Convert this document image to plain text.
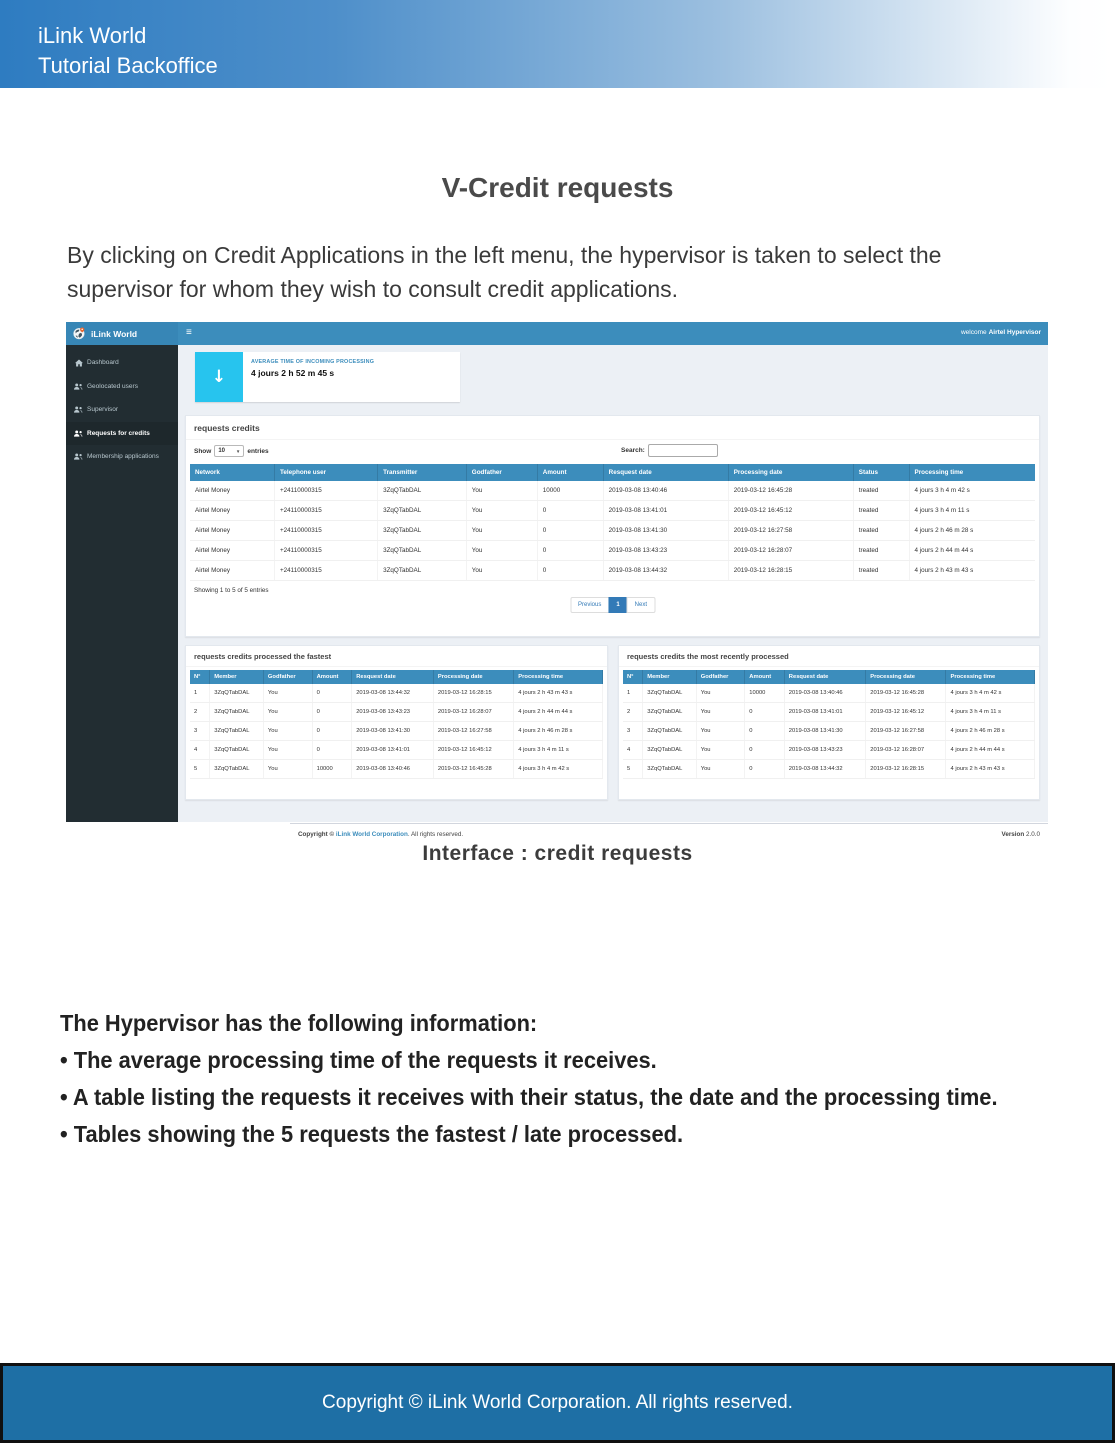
iLink World
Tutorial Backoffice
V-Credit requests
By clicking on Credit Applications in the left menu, the hypervisor is taken to select the supervisor for whom they wish to consult credit applications.
iLink World	≡	welcome Airtel Hypervisor
Dashboard
Geolocated users
Supervisor
Requests for credits
Membership applications
↓
AVERAGE TIME OF INCOMING PROCESSING
4 jours 2 h 52 m 45 s
requests credits
Show 10 ▼ entries	Search:
Network	Telephone user	Transmitter	Godfather	Amount	Resquest date	Processing date	Status	Processing time
Airtel Money	+24110000315	3ZqQTabDAL	You	10000	2019-03-08 13:40:46	2019-03-12 16:45:28	treated	4 jours 3 h 4 m 42 s
Airtel Money	+24110000315	3ZqQTabDAL	You	0	2019-03-08 13:41:01	2019-03-12 16:45:12	treated	4 jours 3 h 4 m 11 s
Airtel Money	+24110000315	3ZqQTabDAL	You	0	2019-03-08 13:41:30	2019-03-12 16:27:58	treated	4 jours 2 h 46 m 28 s
Airtel Money	+24110000315	3ZqQTabDAL	You	0	2019-03-08 13:43:23	2019-03-12 16:28:07	treated	4 jours 2 h 44 m 44 s
Airtel Money	+24110000315	3ZqQTabDAL	You	0	2019-03-08 13:44:32	2019-03-12 16:28:15	treated	4 jours 2 h 43 m 43 s
Showing 1 to 5 of 5 entries
Previous	1	Next
requests credits processed the fastest
N°	Member	Godfather	Amount	Resquest date	Processing date	Processing time
1	3ZqQTabDAL	You	0	2019-03-08 13:44:32	2019-03-12 16:28:15	4 jours 2 h 43 m 43 s
2	3ZqQTabDAL	You	0	2019-03-08 13:43:23	2019-03-12 16:28:07	4 jours 2 h 44 m 44 s
3	3ZqQTabDAL	You	0	2019-03-08 13:41:30	2019-03-12 16:27:58	4 jours 2 h 46 m 28 s
4	3ZqQTabDAL	You	0	2019-03-08 13:41:01	2019-03-12 16:45:12	4 jours 3 h 4 m 11 s
5	3ZqQTabDAL	You	10000	2019-03-08 13:40:46	2019-03-12 16:45:28	4 jours 3 h 4 m 42 s
requests credits the most recently processed
N°	Member	Godfather	Amount	Resquest date	Processing date	Processing time
1	3ZqQTabDAL	You	10000	2019-03-08 13:40:46	2019-03-12 16:45:28	4 jours 3 h 4 m 42 s
2	3ZqQTabDAL	You	0	2019-03-08 13:41:01	2019-03-12 16:45:12	4 jours 3 h 4 m 11 s
3	3ZqQTabDAL	You	0	2019-03-08 13:41:30	2019-03-12 16:27:58	4 jours 2 h 46 m 28 s
4	3ZqQTabDAL	You	0	2019-03-08 13:43:23	2019-03-12 16:28:07	4 jours 2 h 44 m 44 s
5	3ZqQTabDAL	You	0	2019-03-08 13:44:32	2019-03-12 16:28:15	4 jours 2 h 43 m 43 s
Copyright © iLink World Corporation. All rights reserved.	Version 2.0.0
Interface : credit requests
The Hypervisor has the following information:
• The average processing time of the requests it receives.
• A table listing the requests it receives with their status, the date and the processing time.
• Tables showing the 5 requests the fastest / late processed.
Copyright © iLink World Corporation. All rights reserved.
